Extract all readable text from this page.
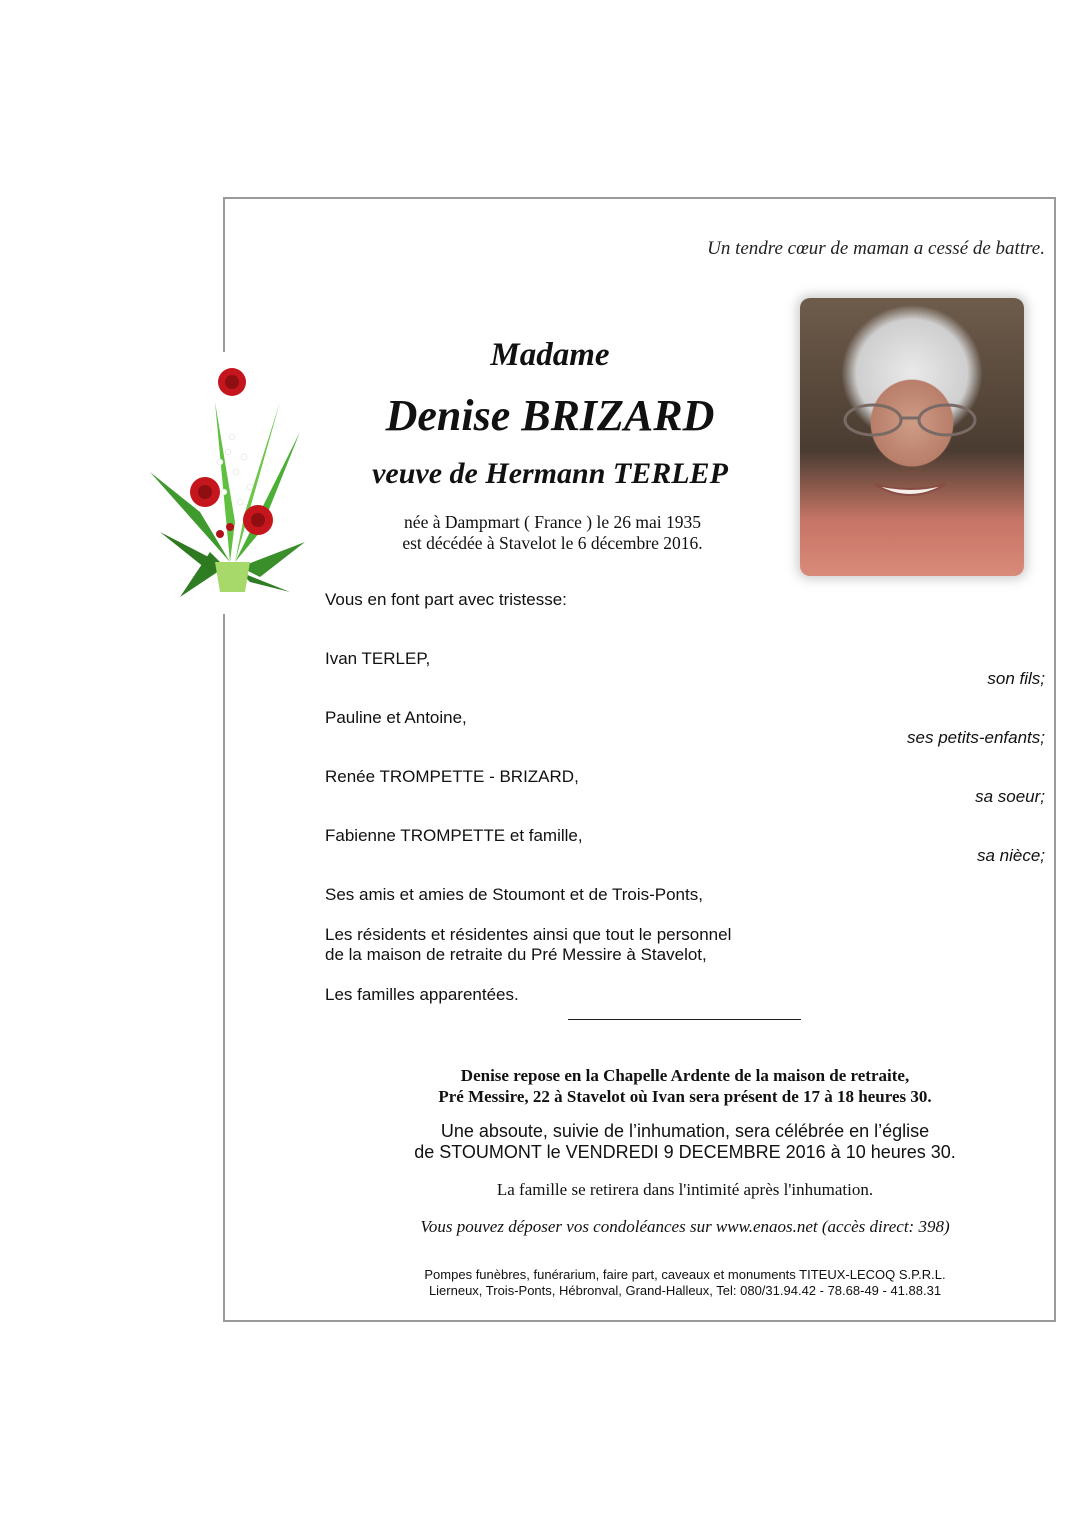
Un tendre cœur de maman a cessé de battre.
Madame
Denise BRIZARD
veuve de Hermann TERLEP
née à Dampmart ( France ) le 26 mai 1935
est décédée à Stavelot le 6 décembre 2016.
Vous en font part avec tristesse:
Ivan TERLEP,
son fils;
Pauline et Antoine,
ses petits-enfants;
Renée TROMPETTE - BRIZARD,
sa soeur;
Fabienne TROMPETTE et famille,
sa nièce;
Ses amis et amies de Stoumont et de Trois-Ponts,
Les résidents et résidentes ainsi que tout le personnel
de la maison de retraite du Pré Messire à Stavelot,
Les familles apparentées.
Denise repose en la Chapelle Ardente de la maison de retraite,
Pré Messire, 22 à Stavelot où Ivan sera présent de 17 à 18 heures 30.
Une absoute, suivie de l’inhumation, sera célébrée en l’église
de STOUMONT le VENDREDI 9 DECEMBRE 2016 à 10 heures 30.
La famille se retirera dans l'intimité après l'inhumation.
Vous pouvez déposer vos condoléances sur www.enaos.net (accès direct: 398)
Pompes funèbres, funérarium, faire part, caveaux et monuments TITEUX-LECOQ S.P.R.L.
Lierneux, Trois-Ponts, Hébronval, Grand-Halleux, Tel: 080/31.94.42 - 78.68-49 - 41.88.31
